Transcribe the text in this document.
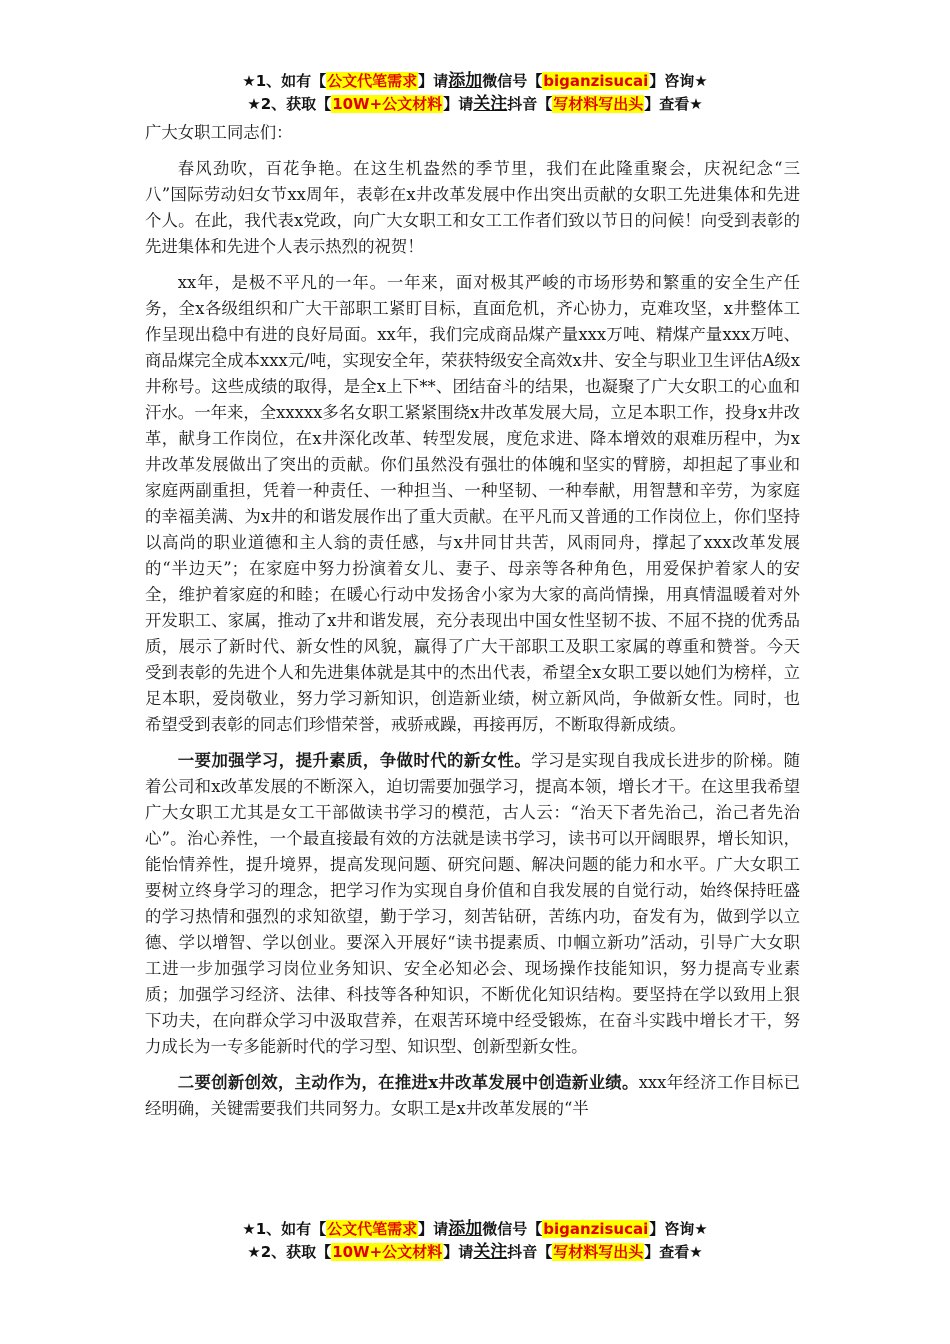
★1、如有【公文代笔需求】请添加微信号【biganzisucai】咨询★
★2、获取【10W+公文材料】请关注抖音【写材料写出头】查看★

广大女职工同志们：

春风劲吹，百花争艳。在这生机盎然的季节里，我们在此隆重聚会，庆祝纪念“三八”国际劳动妇女节xx周年，表彰在x井改革发展中作出突出贡献的女职工先进集体和先进个人。在此，我代表x党政，向广大女职工和女工工作者们致以节日的问候！向受到表彰的先进集体和先进个人表示热烈的祝贺！

xx年，是极不平凡的一年。一年来，面对极其严峻的市场形势和繁重的安全生产任务，全x各级组织和广大干部职工紧盯目标，直面危机，齐心协力，克难攻坚，x井整体工作呈现出稳中有进的良好局面。xx年，我们完成商品煤产量xxx万吨、精煤产量xxx万吨、商品煤完全成本xxx元/吨，实现安全年，荣获特级安全高效x井、安全与职业卫生评估A级x井称号。这些成绩的取得，是全x上下**、团结奋斗的结果，也凝聚了广大女职工的心血和汗水。一年来，全xxxxx多名女职工紧紧围绕x井改革发展大局，立足本职工作，投身x井改革，献身工作岗位，在x井深化改革、转型发展，度危求进、降本增效的艰难历程中，为x井改革发展做出了突出的贡献。你们虽然没有强壮的体魄和坚实的臂膀，却担起了事业和家庭两副重担，凭着一种责任、一种担当、一种坚韧、一种奉献，用智慧和辛劳，为家庭的幸福美满、为x井的和谐发展作出了重大贡献。在平凡而又普通的工作岗位上，你们坚持以高尚的职业道德和主人翁的责任感，与x井同甘共苦，风雨同舟，撑起了xxx改革发展的“半边天”；在家庭中努力扮演着女儿、妻子、母亲等各种角色，用爱保护着家人的安全，维护着家庭的和睦；在暖心行动中发扬舍小家为大家的高尚情操，用真情温暖着对外开发职工、家属，推动了x井和谐发展，充分表现出中国女性坚韧不拔、不屈不挠的优秀品质，展示了新时代、新女性的风貌，赢得了广大干部职工及职工家属的尊重和赞誉。今天受到表彰的先进个人和先进集体就是其中的杰出代表，希望全x女职工要以她们为榜样，立足本职，爱岗敬业，努力学习新知识，创造新业绩，树立新风尚，争做新女性。同时，也希望受到表彰的同志们珍惜荣誉，戒骄戒躁，再接再厉，不断取得新成绩。

一要加强学习，提升素质，争做时代的新女性。学习是实现自我成长进步的阶梯。随着公司和x改革发展的不断深入，迫切需要加强学习，提高本领，增长才干。在这里我希望广大女职工尤其是女工干部做读书学习的模范，古人云：“治天下者先治己，治己者先治心”。治心养性，一个最直接最有效的方法就是读书学习，读书可以开阔眼界，增长知识，能怡情养性，提升境界，提高发现问题、研究问题、解决问题的能力和水平。广大女职工要树立终身学习的理念，把学习作为实现自身价值和自我发展的自觉行动，始终保持旺盛的学习热情和强烈的求知欲望，勤于学习，刻苦钻研，苦练内功，奋发有为，做到学以立德、学以增智、学以创业。要深入开展好“读书提素质、巾帼立新功”活动，引导广大女职工进一步加强学习岗位业务知识、安全必知必会、现场操作技能知识，努力提高专业素质；加强学习经济、法律、科技等各种知识，不断优化知识结构。要坚持在学以致用上狠下功夫，在向群众学习中汲取营养，在艰苦环境中经受锻炼，在奋斗实践中增长才干，努力成长为一专多能新时代的学习型、知识型、创新型新女性。

二要创新创效，主动作为，在推进x井改革发展中创造新业绩。xxx年经济工作目标已经明确，关键需要我们共同努力。女职工是x井改革发展的“半

★1、如有【公文代笔需求】请添加微信号【biganzisucai】咨询★
★2、获取【10W+公文材料】请关注抖音【写材料写出头】查看★
